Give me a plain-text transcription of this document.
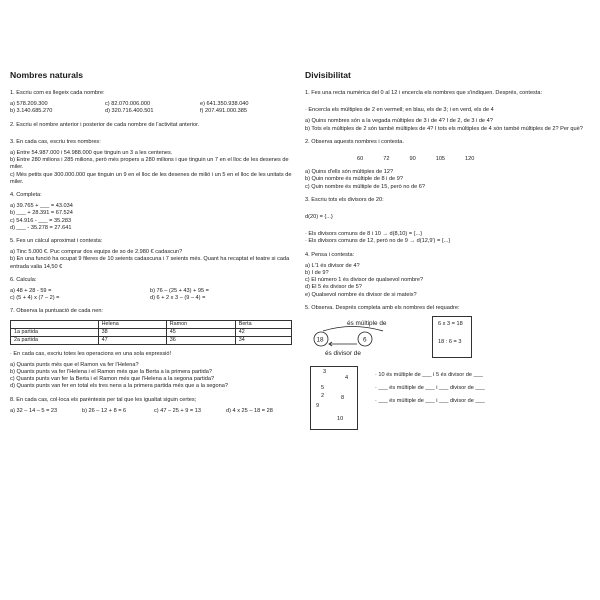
Nombres naturals
1. Escriu com es llegeix cada nombre:
a) 578.209.300	c) 82.070.006.000	e) 641.350.938.040
b) 3.140.685.270	d) 320.716.400.501	f) 207.491.000.385
2. Escriu el nombre anterior i posterior de cada nombre de l'activitat anterior.
3. En cada cas, escriu tres nombres:
a) Entre 54.987.000 i 54.988.000 que tinguin un 3 a les centenes.
b) Entre 280 milions i 285 milions, però més propers a 280 milions i que tinguin un 7 en el lloc de les desenes de miler.
c) Més petits que 300.000.000 que tinguin un 9 en el lloc de les desenes de milió i un 5 en el lloc de les unitats de miler.
4. Completa:
a) 39.765 + ___ = 43.034
b) ___ + 28.391 = 67.524
c) 54.916 - ___ = 35.283
d) ___ - 35.278 = 27.641
5. Fes un càlcul aproximat i contesta:
a) Tinc 5.000 €. Puc comprar dos equips de so de 2.980 € cadascun?
b) En una funció ha ocupat 9 fileres de 10 seients cadascuna i 7 seients més. Quant ha recaptat el teatre si cada entrada valia 14,50 €
6. Calcula:
a) 48 + 28 - 59 =	b) 76 – (25 + 43) + 95 =
c) (5 + 4) x (7 – 2) =	d) 6 + 2 x 3 – (9 – 4) =
7. Observa la puntuació de cada nen:
	Helena	Ramon	Berta
1a partida	38	45	42
2a partida	47	36	34
· En cada cas, escriu totes les operacions en una sola expressió!
a) Quants punts més que el Ramon va fer l'Helena?
b) Quants punts va fer l'Helena i el Ramon més que la Berta a la primera partida?
c) Quants punts van fer la Berta i el Ramon més que l'Helena a la segona partida?
d) Quants punts van fer en total els tres nens a la primera partida més que a la segona?
8. En cada cas, col·loca els parèntesis per tal que les igualtat siguin certes;
a) 32 – 14 – 5 = 23	b) 26 – 12 + 8 = 6	c) 47 – 25 + 9 = 13	d) 4 x 25 – 18 = 28
Divisibilitat
1. Fes una recta numèrica del 0 al 12 i encercla els nombres que s'indiquen. Després, contesta:
· Encercla els múltiples de 2 en vermell; en blau, els de 3; i en verd, els de 4
a) Quins nombres són a la vegada múltiples de 3 i de 4? I de 2, de 3 i de 4?
b) Tots els múltiples de 2 són també múltiples de 4? I tots els múltiples de 4 són també múltiples de 2? Per què?
2. Observa aquests nombres i contesta.
60	72	90	105	120
a) Quins d'ells són múltiples de 12?
b) Quin nombre és múltiple de 8 i de 9?
c) Quin nombre és múltiple de 15, però no de 6?
3. Escriu tots els divisors de 20:
d(20) = {...}
· Els divisors comuns de 8 i 10 → d(8,10) = {...}
· Els divisors comuns de 12, però no de 9 → d(12,9') = {...}
4. Pensa i contesta:
a) L'1 és divisor de 4?
b) I de 9?
c) El número 1 és divisor de qualsevol nombre?
d) El 5 és divisor de 5?
e) Qualsevol nombre és divisor de si mateix?
5. Observa. Després completa amb els nombres del requadre:
és múltiple de
18	6
és divisor de
6 x 3 = 18
18 : 6 = 3
3
4
5
2	8
9
10
· 10 és múltiple de ___ i 5 és divisor de ___
· ___ és múltiple de ___ i ___ divisor de ___
· ___ és múltiple de ___ i ___ divisor de ___
